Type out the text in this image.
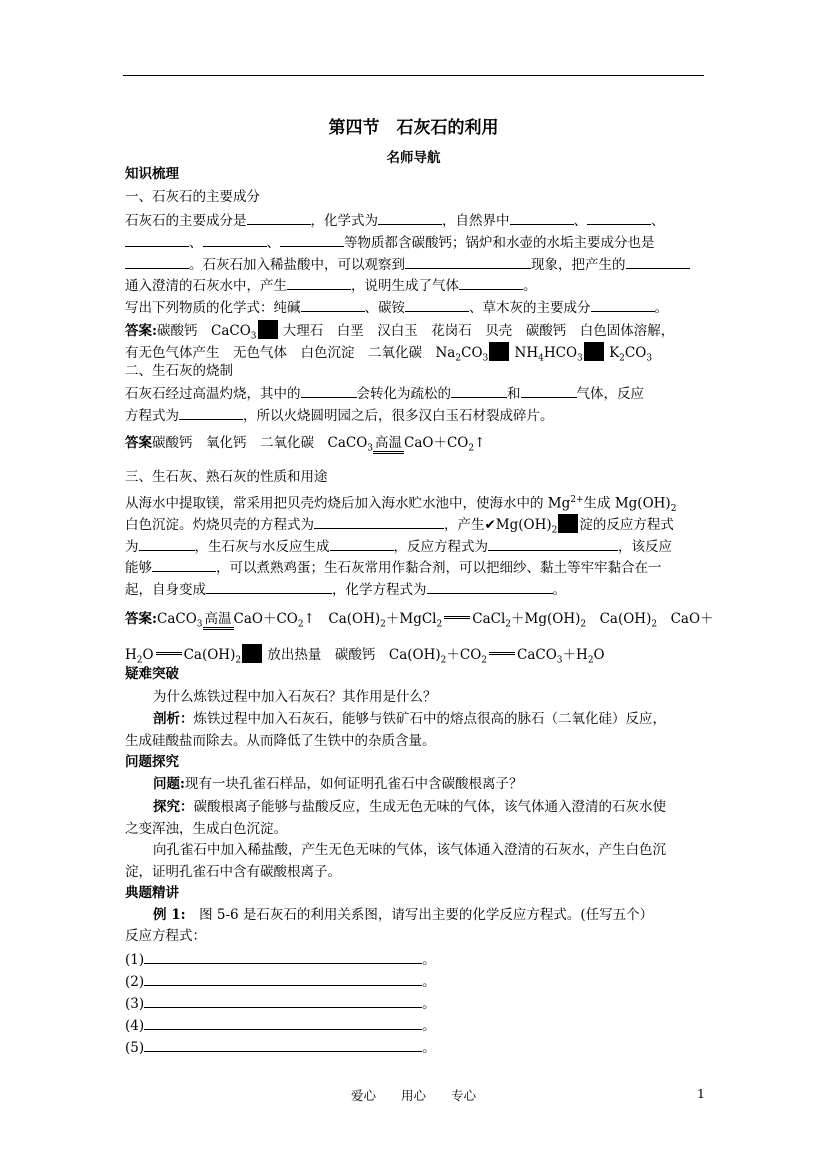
第四节　石灰石的利用
名师导航
知识梳理
一、石灰石的主要成分
石灰石的主要成分是	，化学式为	，自然界中	、	、
、	、	等物质都含碳酸钙；锅炉和水壶的水垢主要成分也是
。石灰石加入稀盐酸中，可以观察到	现象，把产生的
通入澄清的石灰水中，产生	，说明生成了气体	。
写出下列物质的化学式：纯碱	、碳铵	、草木灰的主要成分	。
答案:碳酸钙　CaCO$_3$ 大理石　白垩　汉白玉　花岗石　贝壳　碳酸钙　白色固体溶解，
有无色气体产生　无色气体　白色沉淀　二氧化碳　$Na_2CO_3$ $NH_4HCO_3$ $K_2CO_3$
二、生石灰的烧制
石灰石经过高温灼烧，其中的	会转化为疏松的	和	气体，反应
方程式为	，所以火烧圆明园之后，很多汉白玉石材裂成碎片。
答案碳酸钙　氧化钙　二氧化碳　CaCO$_3$ 高温 $CaO+CO_2↑$
三、生石灰、熟石灰的性质和用途
从海水中提取镁，常采用把贝壳灼烧后加入海水贮水池中，使海水中的 $Mg^{2+}$生成 $Mg(OH)_2$
白色沉淀。灼烧贝壳的方程式为	，产生$✔Mg(OH)_2$ 淀的反应方程式
为	，生石灰与水反应生成	，反应方程式为	，该反应
能够	，可以煮熟鸡蛋；生石灰常用作黏合剂，可以把细纱、黏土等牢牢黏合在一
起，自身变成	，化学方程式为	。
答案:CaCO$_3$ 高温 $CaO+CO_2↑$　$Ca(OH)_2+MgCl_2$ $CaCl_2+Mg(OH)_2$　$Ca(OH)_2$　CaO＋
$H_2O$ $Ca(OH)_2$ 放出热量　碳酸钙　$Ca(OH)_2+CO_2$ $CaCO_3+H_2O$
疑难突破
为什么炼铁过程中加入石灰石？其作用是什么？
剖析：炼铁过程中加入石灰石，能够与铁矿石中的熔点很高的脉石（二氧化硅）反应，
生成硅酸盐而除去。从而降低了生铁中的杂质含量。
问题探究
问题:现有一块孔雀石样品，如何证明孔雀石中含碳酸根离子？
探究：碳酸根离子能够与盐酸反应，生成无色无味的气体，该气体通入澄清的石灰水使
之变浑浊，生成白色沉淀。
向孔雀石中加入稀盐酸，产生无色无味的气体，该气体通入澄清的石灰水，产生白色沉
淀，证明孔雀石中含有碳酸根离子。
典题精讲
例 1:　图 5-6 是石灰石的利用关系图，请写出主要的化学反应方程式。(任写五个）
反应方程式：
(1)	。
(2)	。
(3)	。
(4)	。
(5)	。
爱心　　用心　　专心	1
